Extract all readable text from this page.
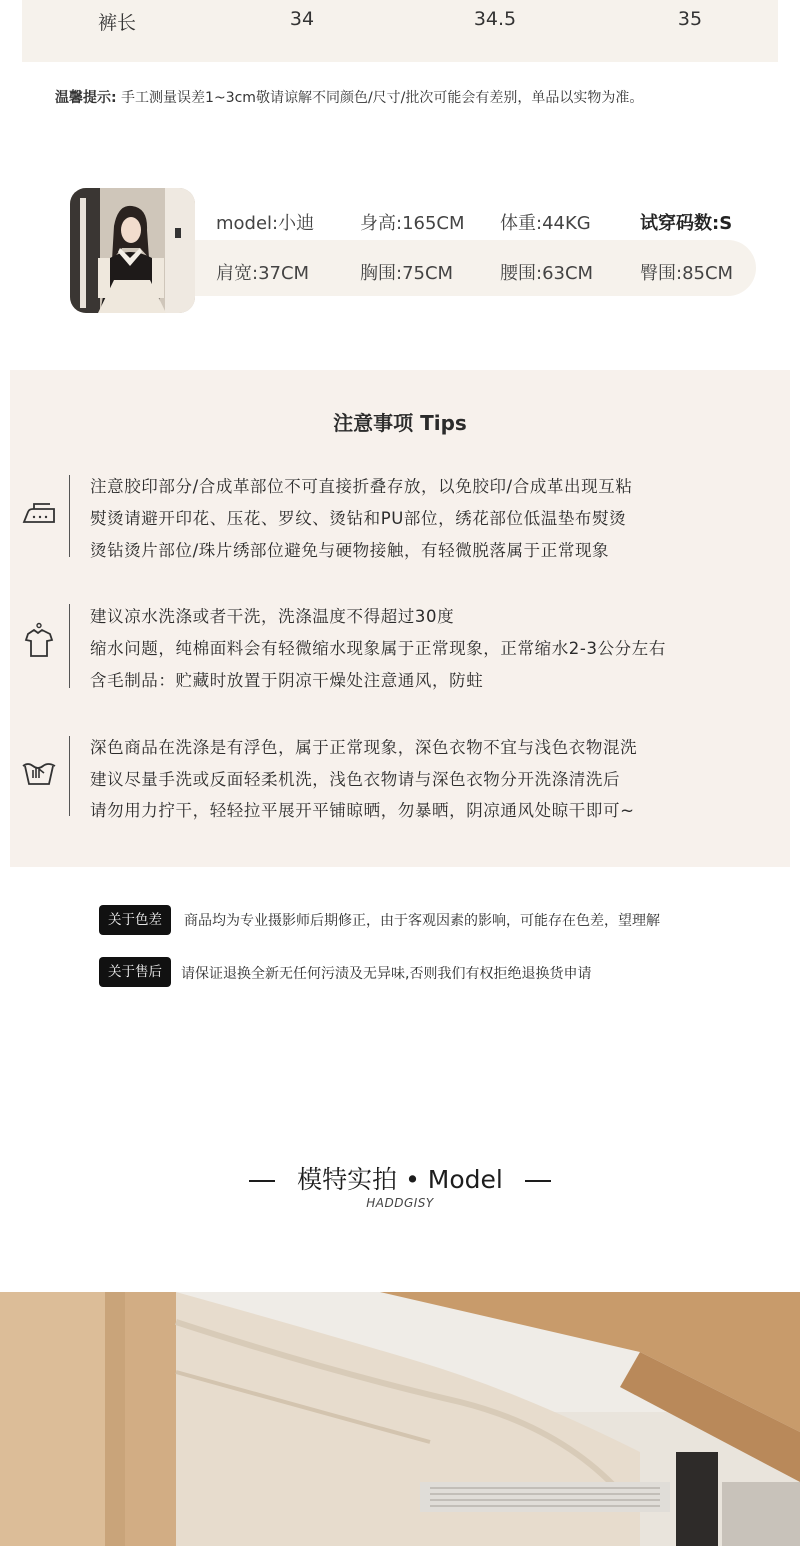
裤长	34	34.5	35
温馨提示: 手工测量误差1~3cm敬请谅解不同颜色/尺寸/批次可能会有差别，单品以实物为准。
model:小迪	身高:165CM 体重:44KG	试穿码数:S
肩宽:37CM	胸围:75CM	腰围:63CM	臀围:85CM
注意事项 Tips
注意胶印部分/合成革部位不可直接折叠存放，以免胶印/合成革出现互粘
熨烫请避开印花、压花、罗纹、烫钻和PU部位，绣花部位低温垫布熨烫
烫钻烫片部位/珠片绣部位避免与硬物接触，有轻微脱落属于正常现象
建议凉水洗涤或者干洗，洗涤温度不得超过30度
缩水问题，纯棉面料会有轻微缩水现象属于正常现象，正常缩水2-3公分左右
含毛制品：贮藏时放置于阴凉干燥处注意通风，防蛀
深色商品在洗涤是有浮色，属于正常现象，深色衣物不宜与浅色衣物混洗
建议尽量手洗或反面轻柔机洗，浅色衣物请与深色衣物分开洗涤清洗后
请勿用力拧干，轻轻拉平展开平铺晾晒，勿暴晒，阴凉通风处晾干即可~
关于色差	商品均为专业摄影师后期修正，由于客观因素的影响，可能存在色差，望理解
关于售后	请保证退换全新无任何污渍及无异味,否则我们有权拒绝退换货申请
模特实拍 • Model
HADDGISY
